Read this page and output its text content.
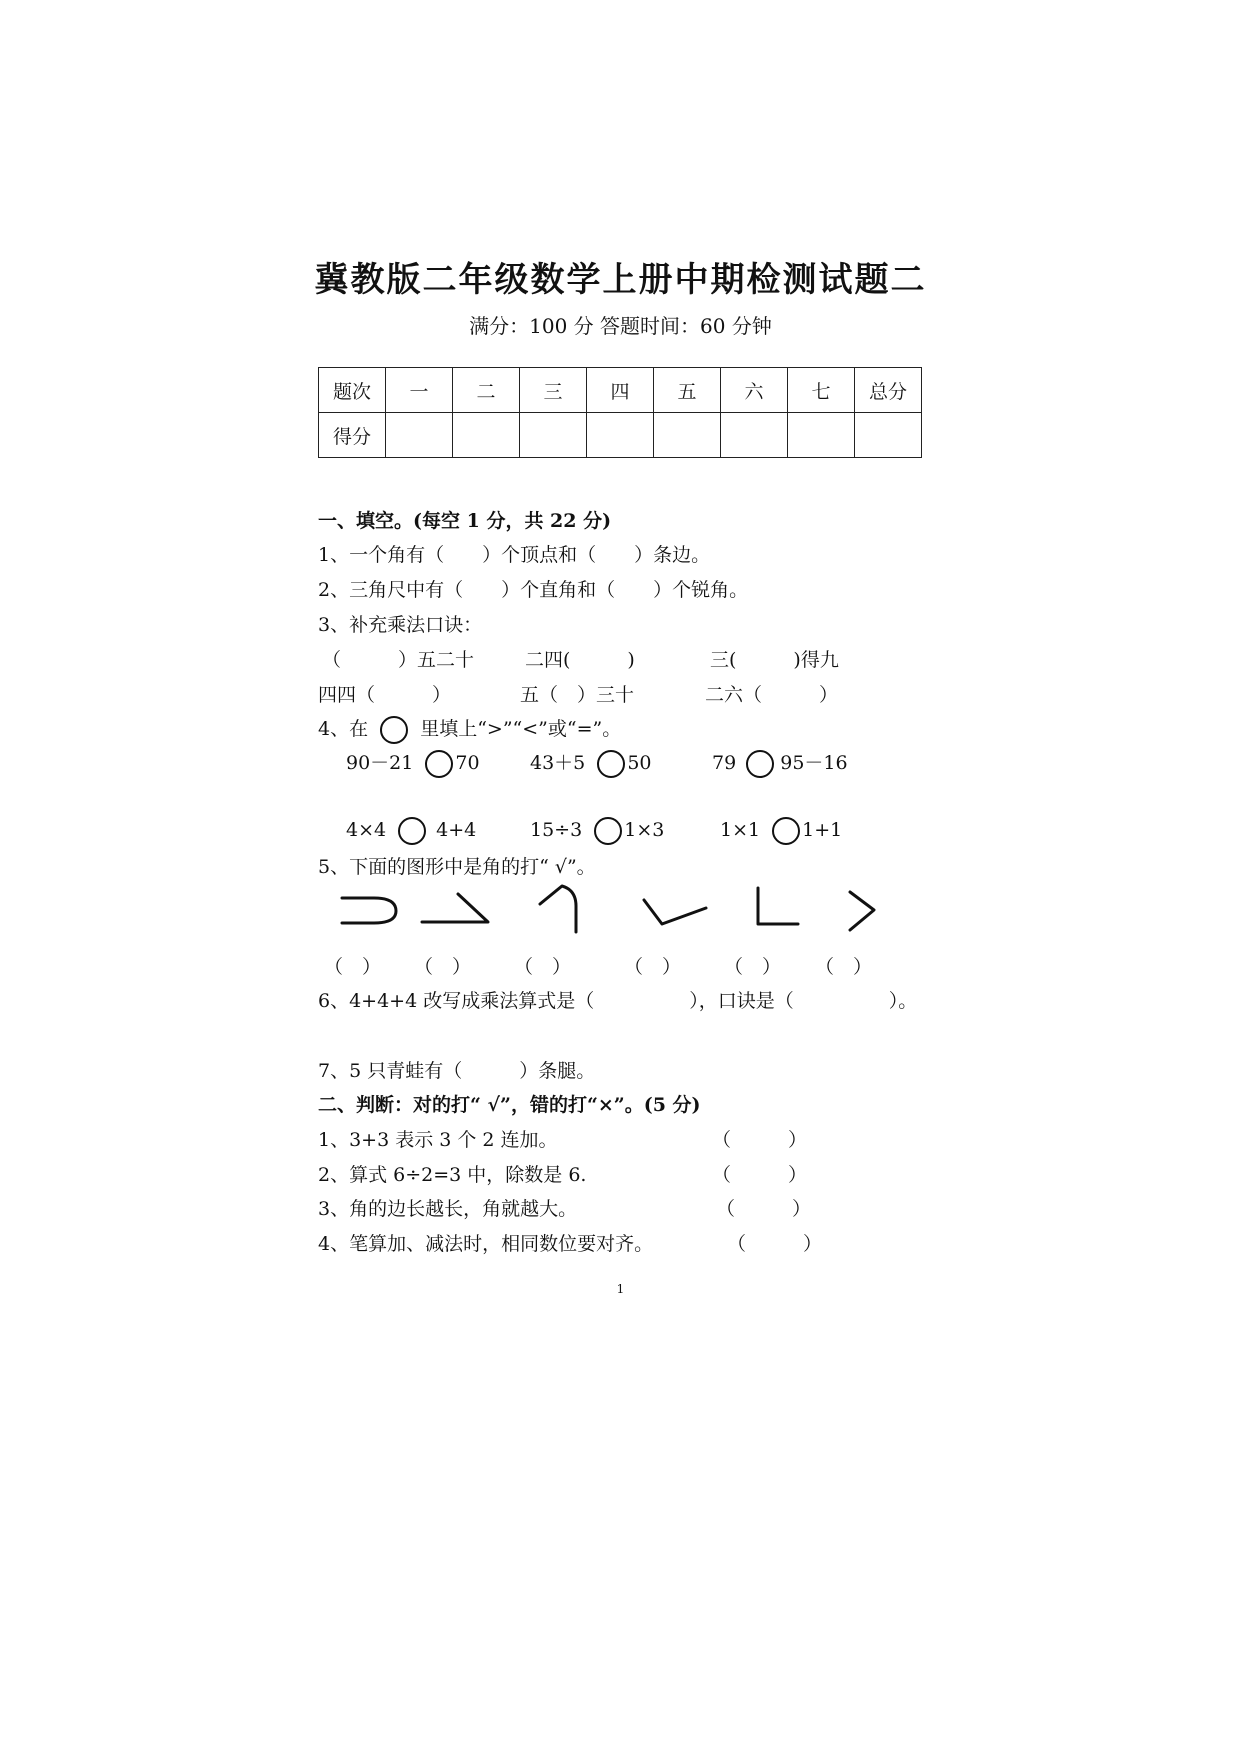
冀教版二年级数学上册中期检测试题二
满分：100 分 答题时间：60 分钟
题次	一	二	三	四	五	六	七	总分
得分								
一、填空。(每空 1 分，共 22 分)
1、一个角有（　　）个顶点和（　　）条边。
2、三角尺中有（　　）个直角和（　　）个锐角。
3、补充乘法口诀：
（　　　）五二十	二四(　　　)	三(　　　)得九
四四（　　　）	五（　）三十	二六（　　　）
4、在	里填上“>”“<”或“=”。
90－21 70	43＋5 50	79 95－16
4×4	4+4	15÷3 1×3	1×1 1+1
5、下面的图形中是角的打“ √”。
（　） （　） （　）	（　） （　） （　）
6、4+4+4 改写成乘法算式是（　　　　　），口诀是（　　　　　）。
7、5 只青蛙有（　　　）条腿。
二、判断：对的打“ √”，错的打“×”。(5 分)
1、3+3 表示 3 个 2 连加。	（　　　）
2、算式 6÷2=3 中，除数是 6.	（　　　）
3、角的边长越长，角就越大。	（　　　）
4、笔算加、减法时，相同数位要对齐。	（　　　）
1
